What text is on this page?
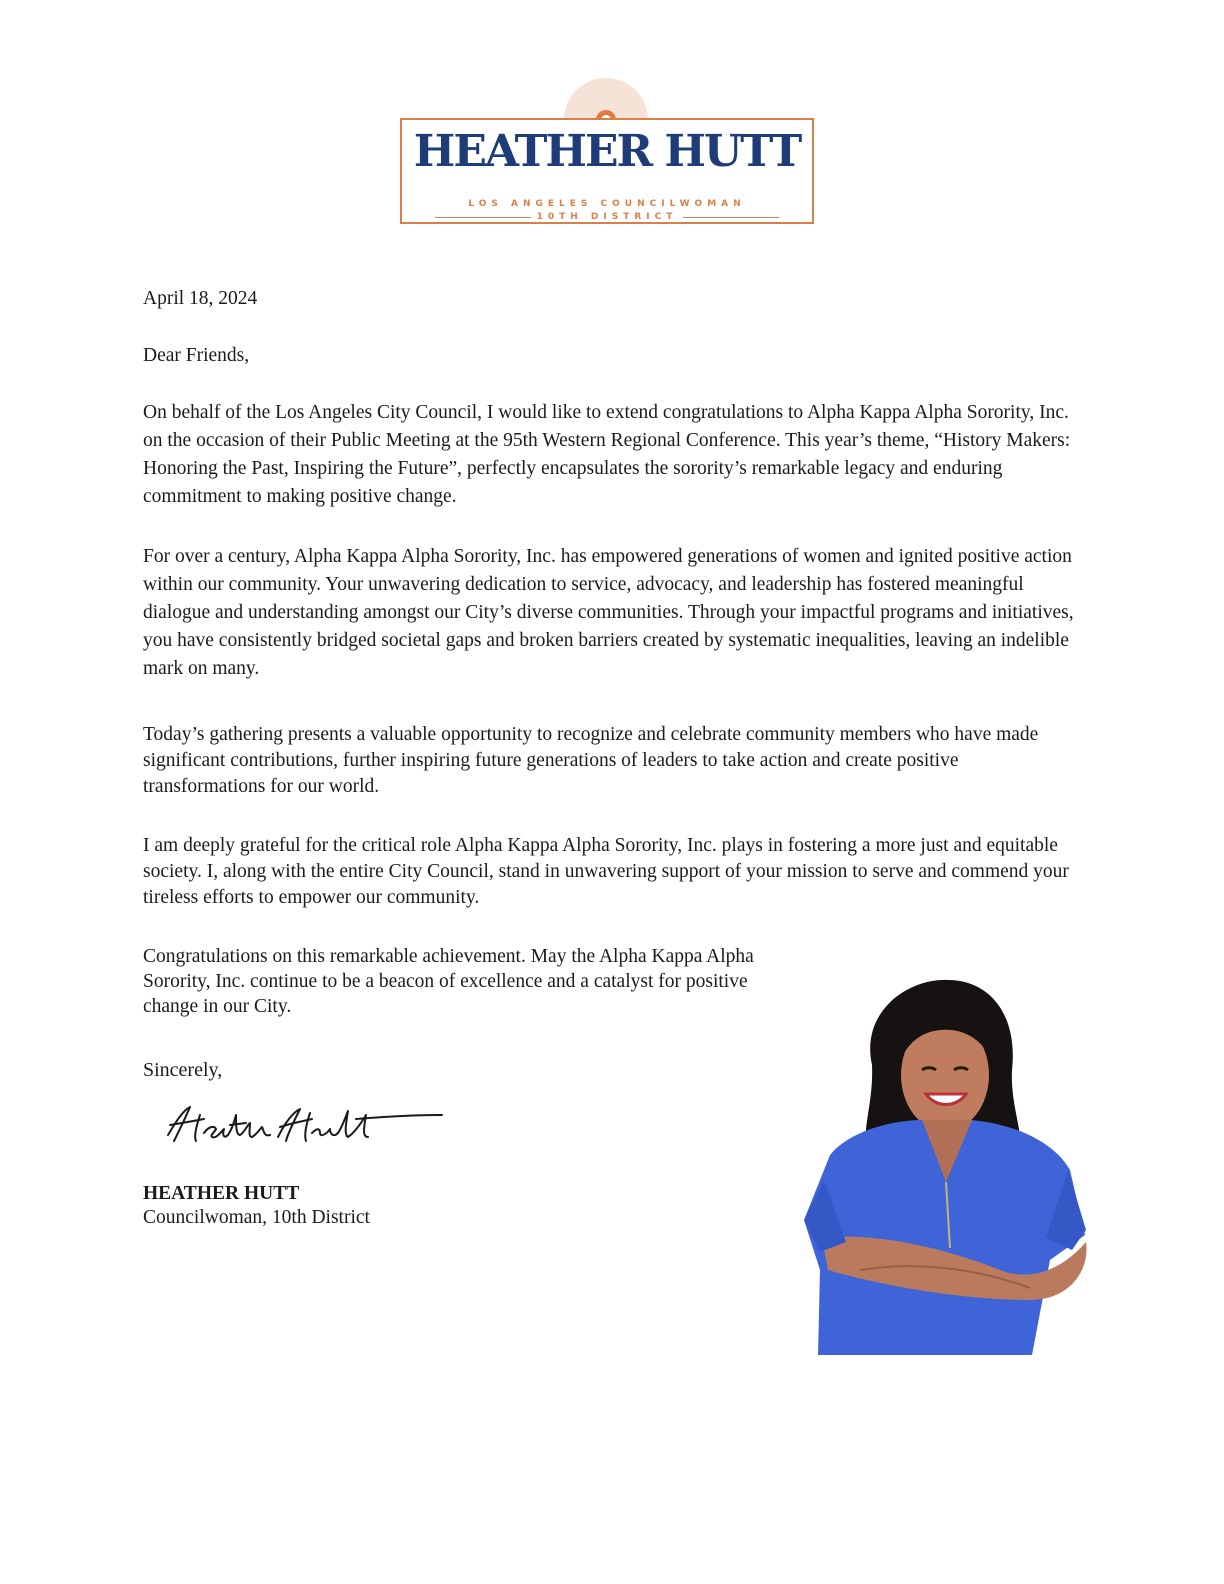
HEATHER HUTT
LOS ANGELES COUNCILWOMAN
10TH DISTRICT

April 18, 2024

Dear Friends,

On behalf of the Los Angeles City Council, I would like to extend congratulations to Alpha Kappa Alpha Sorority, Inc. on the occasion of their Public Meeting at the 95th Western Regional Conference. This year’s theme, “History Makers: Honoring the Past, Inspiring the Future”, perfectly encapsulates the sorority’s remarkable legacy and enduring commitment to making positive change.

For over a century, Alpha Kappa Alpha Sorority, Inc. has empowered generations of women and ignited positive action within our community. Your unwavering dedication to service, advocacy, and leadership has fostered meaningful dialogue and understanding amongst our City’s diverse communities. Through your impactful programs and initiatives, you have consistently bridged societal gaps and broken barriers created by systematic inequalities, leaving an indelible mark on many.

Today’s gathering presents a valuable opportunity to recognize and celebrate community members who have made significant contributions, further inspiring future generations of leaders to take action and create positive transformations for our world.

I am deeply grateful for the critical role Alpha Kappa Alpha Sorority, Inc. plays in fostering a more just and equitable society. I, along with the entire City Council, stand in unwavering support of your mission to serve and commend your tireless efforts to empower our community.

Congratulations on this remarkable achievement. May the Alpha Kappa Alpha Sorority, Inc. continue to be a beacon of excellence and a catalyst for positive change in our City.

Sincerely,

HEATHER HUTT

Councilwoman, 10th District
